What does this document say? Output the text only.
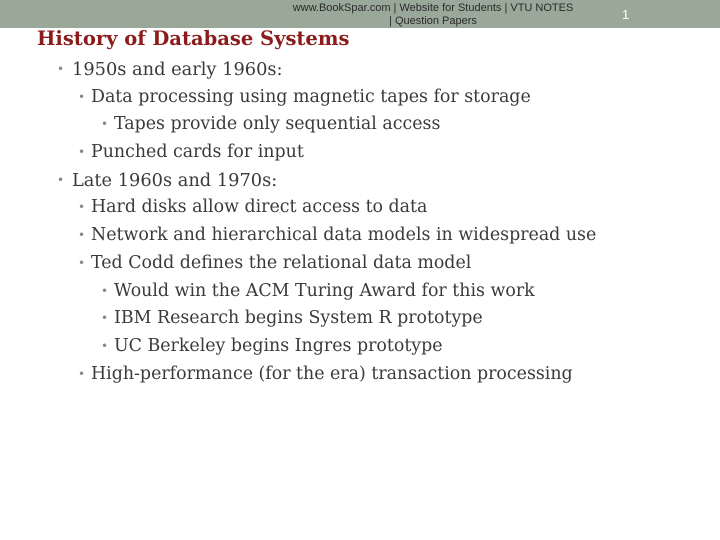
www.BookSpar.com | Website for Students | VTU NOTES
| Question Papers	1
History of Database Systems
• 1950s and early 1960s:
• Data processing using magnetic tapes for storage
• Tapes provide only sequential access
• Punched cards for input
• Late 1960s and 1970s:
• Hard disks allow direct access to data
• Network and hierarchical data models in widespread use
• Ted Codd defines the relational data model
• Would win the ACM Turing Award for this work
• IBM Research begins System R prototype
• UC Berkeley begins Ingres prototype
• High-performance (for the era) transaction processing
